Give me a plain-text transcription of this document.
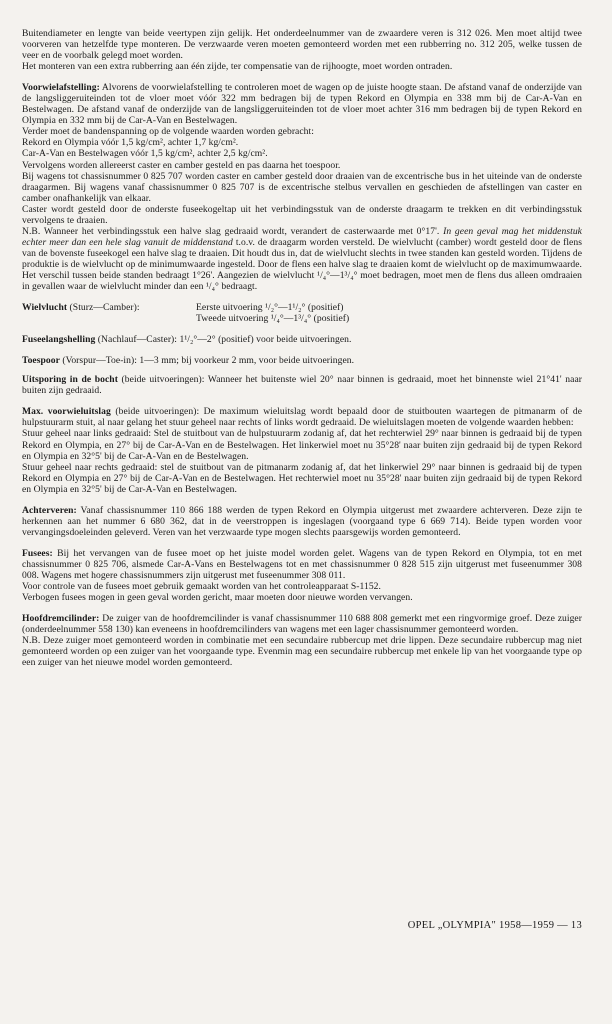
Buitendiameter en lengte van beide veertypen zijn gelijk. Het onderdeelnummer van de zwaardere veren is 312 026. Men moet altijd twee voorveren van hetzelfde type monteren. De verzwaarde veren moeten gemonteerd worden met een rubberring no. 312 205, welke tussen de veer en de voorbalk gelegd moet worden.

Het monteren van een extra rubberring aan één zijde, ter compensatie van de rijhoogte, moet worden ontraden.

Voorwielafstelling: Alvorens de voorwielafstelling te controleren moet de wagen op de juiste hoogte staan. De afstand vanaf de onderzijde van de langsliggeruiteinden tot de vloer moet vóór 322 mm bedragen bij de typen Rekord en Olympia en 338 mm bij de Car-A-Van en Bestelwagen. De afstand vanaf de onderzijde van de langsliggeruiteinden tot de vloer moet achter 316 mm bedragen bij de typen Rekord en Olympia en 332 mm bij de Car-A-Van en Bestelwagen.

Verder moet de bandenspanning op de volgende waarden worden gebracht:

Rekord en Olympia vóór 1,5 kg/cm², achter 1,7 kg/cm².

Car-A-Van en Bestelwagen vóór 1,5 kg/cm², achter 2,5 kg/cm².

Vervolgens worden allereerst caster en camber gesteld en pas daarna het toespoor.

Bij wagens tot chassisnummer 0 825 707 worden caster en camber gesteld door draaien van de excentrische bus in het uiteinde van de onderste draagarmen. Bij wagens vanaf chassisnummer 0 825 707 is de excentrische stelbus vervallen en geschieden de afstellingen van caster en camber onafhankelijk van elkaar.

Caster wordt gesteld door de onderste fuseekogeltap uit het verbindingsstuk van de onderste draagarm te trekken en dit verbindingsstuk vervolgens te draaien.

N.B. Wanneer het verbindingsstuk een halve slag gedraaid wordt, verandert de casterwaarde met 0°17'. In geen geval mag het middenstuk echter meer dan een hele slag vanuit de middenstand t.o.v. de draagarm worden versteld. De wielvlucht (camber) wordt gesteld door de flens van de bovenste fuseekogel een halve slag te draaien. Dit houdt dus in, dat de wielvlucht slechts in twee standen kan gesteld worden. Tijdens de produktie is de wielvlucht op de minimumwaarde ingesteld. Door de flens een halve slag te draaien komt de wielvlucht op de maximumwaarde. Het verschil tussen beide standen bedraagt 1°26'. Aangezien de wielvlucht ¹/₄°—1³/₄° moet bedragen, moet men de flens dus alleen omdraaien in gevallen waar de wielvlucht minder dan een ¹/₄° bedraagt.

Wielvlucht (Sturz—Camber):	Eerste uitvoering ¹/₂°—1¹/₂° (positief)
Tweede uitvoering ¹/₄°—1³/₄° (positief)

Fuseelangshelling (Nachlauf—Caster): 1¹/₂°—2° (positief) voor beide uitvoeringen.

Toespoor (Vorspur—Toe-in): 1—3 mm; bij voorkeur 2 mm, voor beide uitvoeringen.

Uitsporing in de bocht (beide uitvoeringen): Wanneer het buitenste wiel 20° naar binnen is gedraaid, moet het binnenste wiel 21°41' naar buiten zijn gedraaid.

Max. voorwieluitslag (beide uitvoeringen): De maximum wieluitslag wordt bepaald door de stuitbouten waartegen de pitmanarm of de hulpstuurarm stuit, al naar gelang het stuur geheel naar rechts of links wordt gedraaid. De wieluitslagen moeten de volgende waarden hebben:

Stuur geheel naar links gedraaid: Stel de stuitbout van de hulpstuurarm zodanig af, dat het rechterwiel 29° naar binnen is gedraaid bij de typen Rekord en Olympia, en 27° bij de Car-A-Van en de Bestelwagen. Het linkerwiel moet nu 35°28' naar buiten zijn gedraaid bij de typen Rekord en Olympia en 32°5' bij de Car-A-Van en de Bestelwagen.

Stuur geheel naar rechts gedraaid: stel de stuitbout van de pitmanarm zodanig af, dat het linkerwiel 29° naar binnen is gedraaid bij de typen Rekord en Olympia en 27° bij de Car-A-Van en de Bestelwagen. Het rechterwiel moet nu 35°28' naar buiten zijn gedraaid bij de typen Rekord en Olympia en 32°5' bij de Car-A-Van en Bestelwagen.

Achterveren: Vanaf chassisnummer 110 866 188 werden de typen Rekord en Olympia uitgerust met zwaardere achterveren. Deze zijn te herkennen aan het nummer 6 680 362, dat in de veerstroppen is ingeslagen (voorgaand type 6 669 714). Beide typen worden voor vervangingsdoeleinden geleverd. Veren van het verzwaarde type mogen slechts paarsgewijs worden gemonteerd.

Fusees: Bij het vervangen van de fusee moet op het juiste model worden gelet. Wagens van de typen Rekord en Olympia, tot en met chassisnummer 0 825 706, alsmede Car-A-Vans en Bestelwagens tot en met chassisnummer 0 828 515 zijn uitgerust met fuseenummer 308 008. Wagens met hogere chassisnummers zijn uitgerust met fuseenummer 308 011.

Voor controle van de fusees moet gebruik gemaakt worden van het controleapparaat S-1152.

Verbogen fusees mogen in geen geval worden gericht, maar moeten door nieuwe worden vervangen.

Hoofdremcilinder: De zuiger van de hoofdremcilinder is vanaf chassisnummer 110 688 808 gemerkt met een ringvormige groef. Deze zuiger (onderdeelnummer 558 130) kan eveneens in hoofdremcilinders van wagens met een lager chassisnummer gemonteerd worden.

N.B. Deze zuiger moet gemonteerd worden in combinatie met een secundaire rubbercup met drie lippen. Deze secundaire rubbercup mag niet gemonteerd worden op een zuiger van het voorgaande type. Evenmin mag een secundaire rubbercup met enkele lip van het voorgaande type op een zuiger van het nieuwe model worden gemonteerd.

OPEL „OLYMPIA" 1958—1959 — 13
